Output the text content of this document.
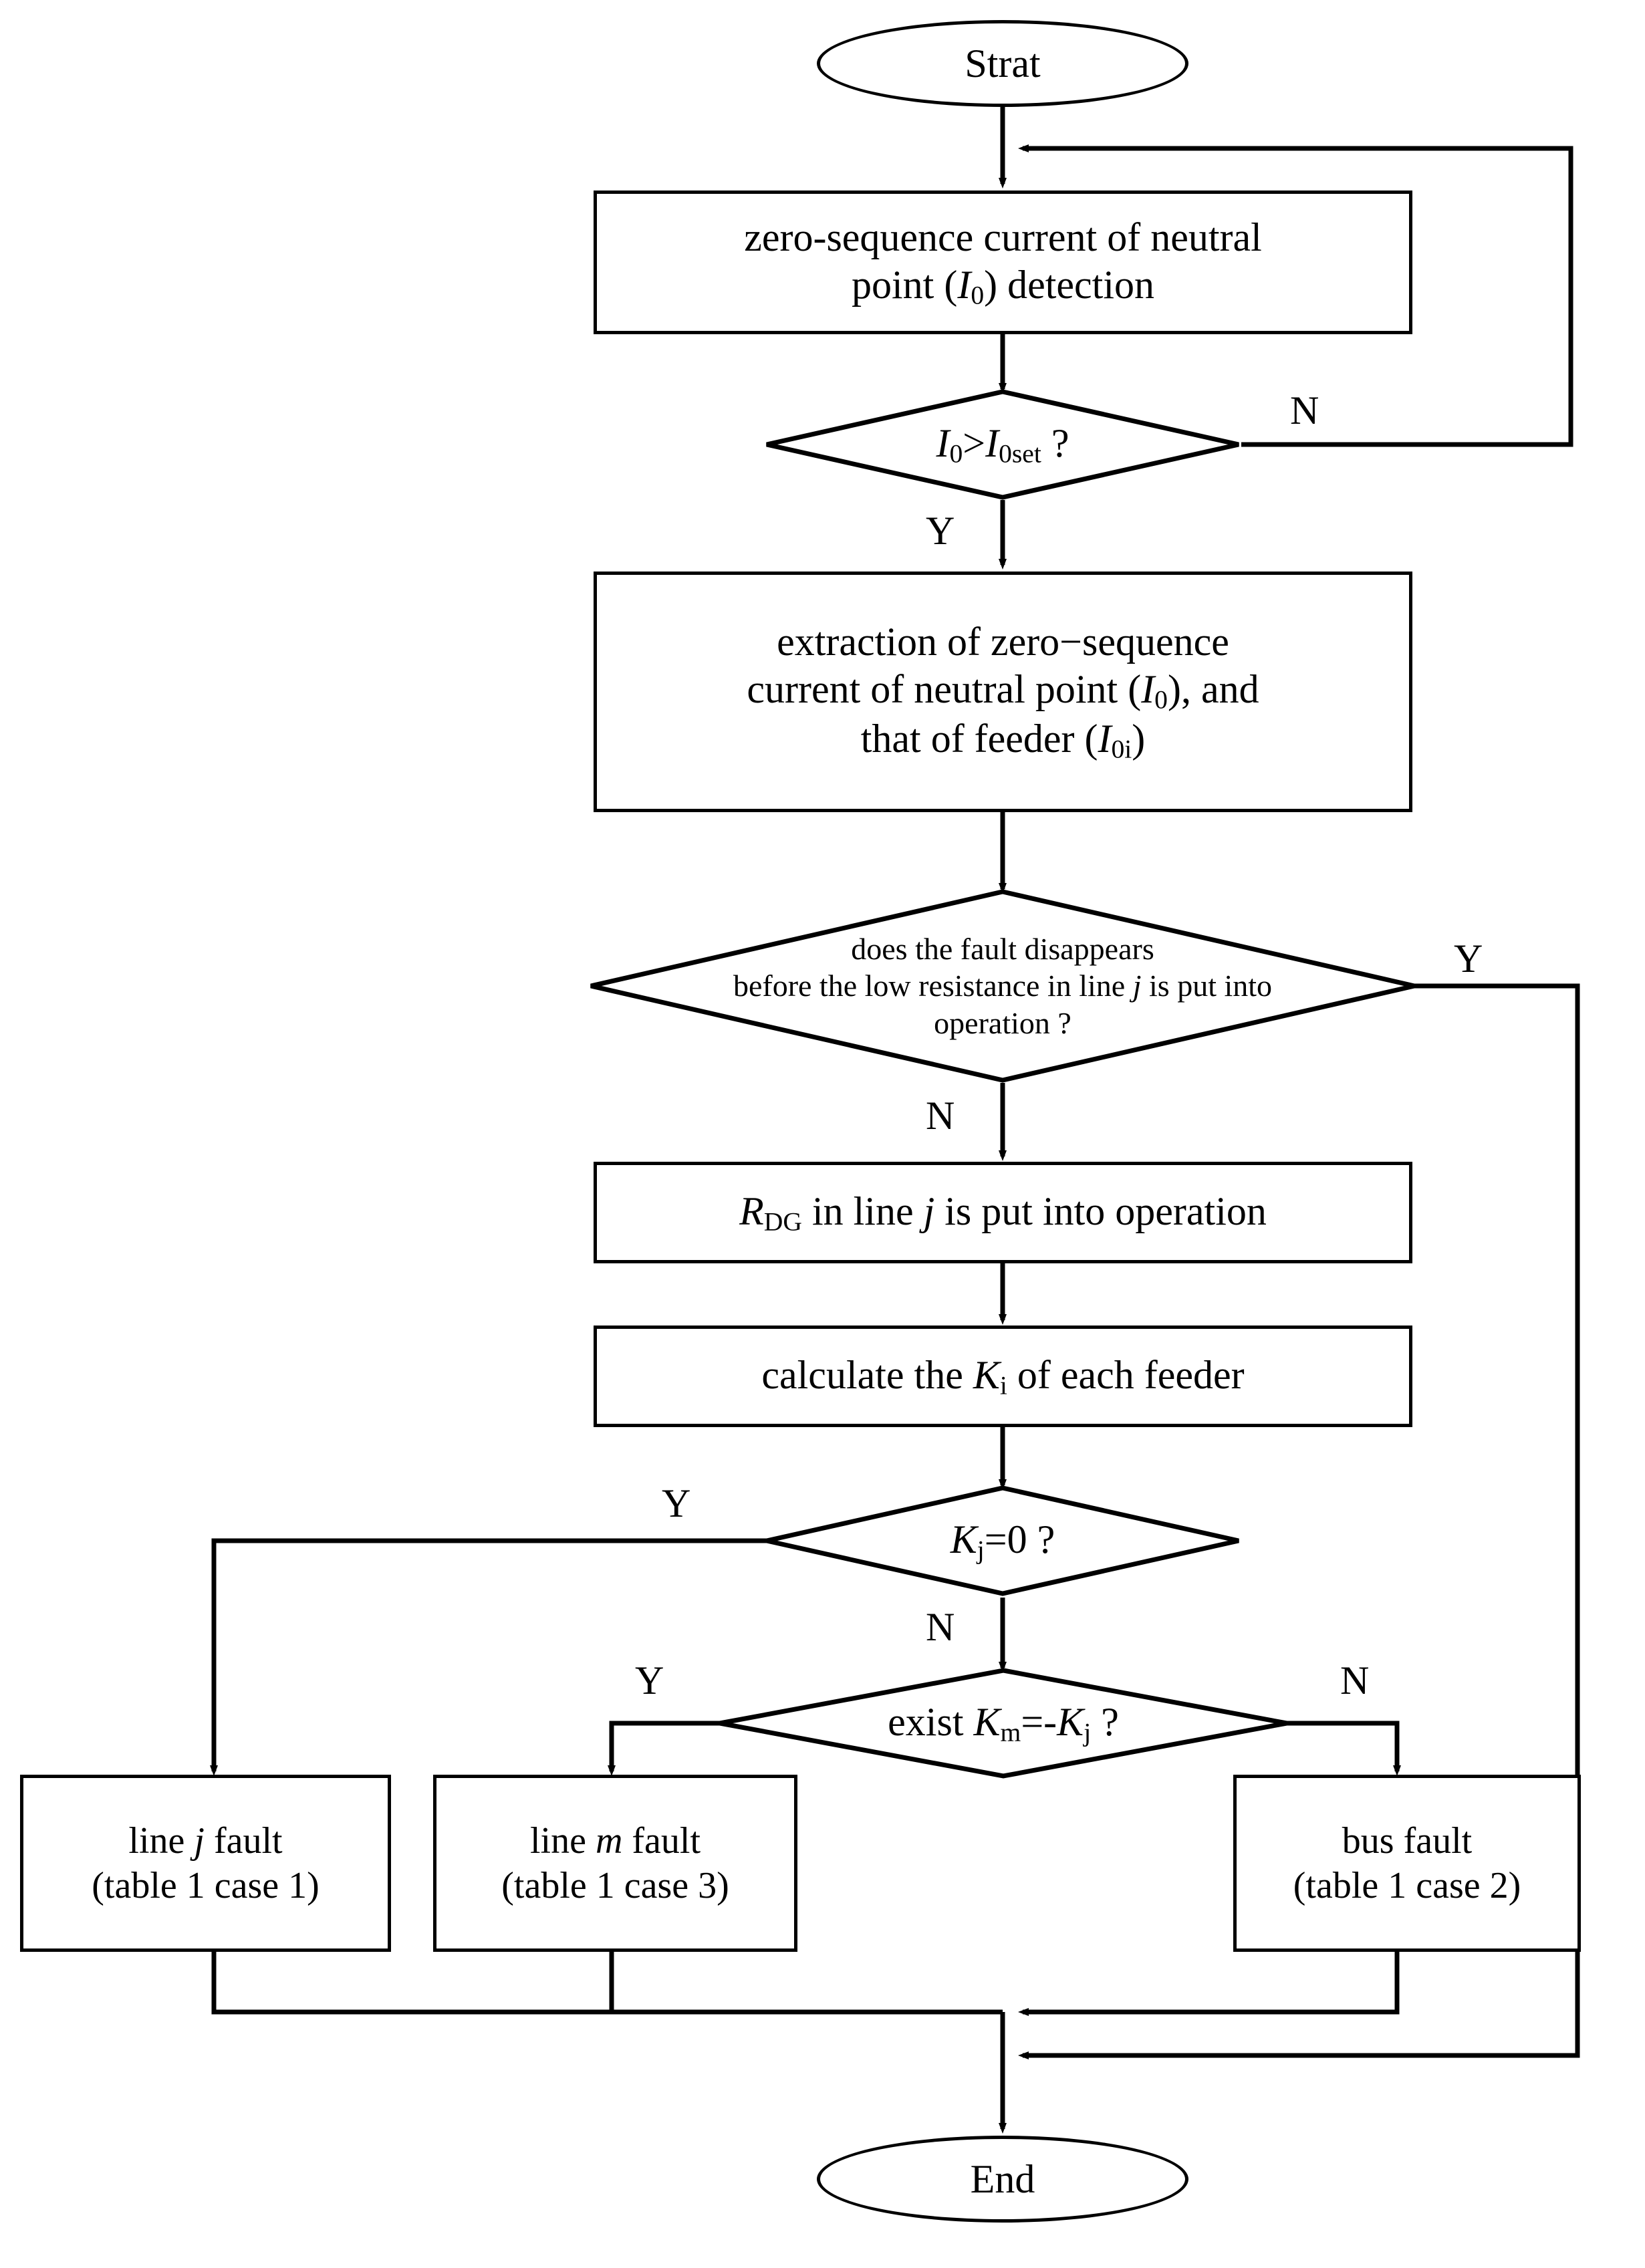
Strat
zero-sequence current of neutral
point $(I_0)$ detection
$I_0>I_{0set}$ ?
N
Y
extraction of zero−sequence
current of neutral point $(I_0)$, and
that of feeder $(I_{0i})$
does the fault disappears
before the low resistance in line j is put into
operation ?
Y
N
$R_{DG}$ in line j is put into operation
calculate the $K_i$ of each feeder
$K_j=0$ ?
Y
N
exist $K_m=-K_j$ ?
Y	N
line j fault
(table 1 case 1)
line m fault
(table 1 case 3)
bus fault
(table 1 case 2)
End
